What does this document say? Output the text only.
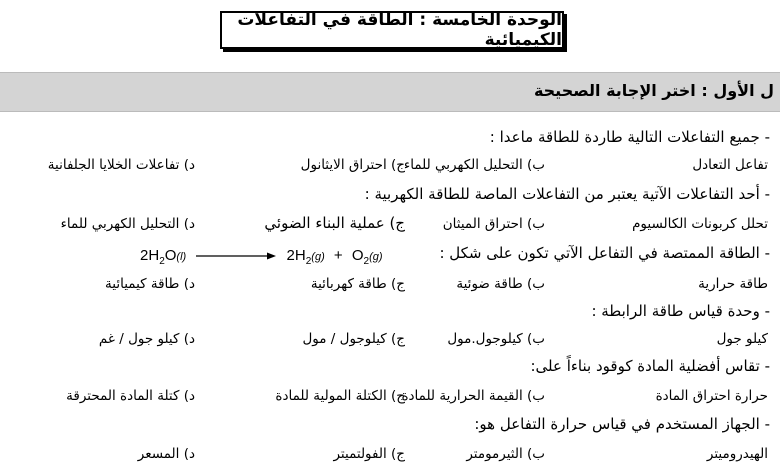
الوحدة الخامسة : الطاقة في التفاعلات الكيميائية
ل الأول : اختر الإجابة الصحيحة
- جميع التفاعلات التالية طاردة للطاقة ماعدا :
تفاعل التعادل
ب) التحليل الكهربي للماء
ج) احتراق الايثانول
د) تفاعلات الخلايا الجلفانية
- أحد التفاعلات الآتية يعتبر من التفاعلات الماصة للطاقة الكهربية :
تحلل كربونات الكالسيوم
ب) احتراق الميثان
ج) عملية البناء الضوئي
د) التحليل الكهربي للماء
- الطاقة الممتصة في التفاعل الآتي تكون على شكل :
$2H_2O(l)$	$2H_2(g) + O_2(g)$
طاقة حرارية
ب) طاقة ضوئية
ج) طاقة كهربائية
د) طاقة كيميائية
- وحدة قياس طاقة الرابطة :
كيلو جول
ب) كيلوجول.مول
ج) كيلوجول / مول
د) كيلو جول / غم
- تقاس أفضلية المادة كوقود بناءاً على:
حرارة احتراق المادة
ب) القيمة الحرارية للمادة
ج) الكتلة المولية للمادة
د) كتلة المادة المحترقة
- الجهاز المستخدم في قياس حرارة التفاعل هو:
الهيدروميتر
ب) الثيرمومتر
ج) الفولتميتر
د) المسعر
